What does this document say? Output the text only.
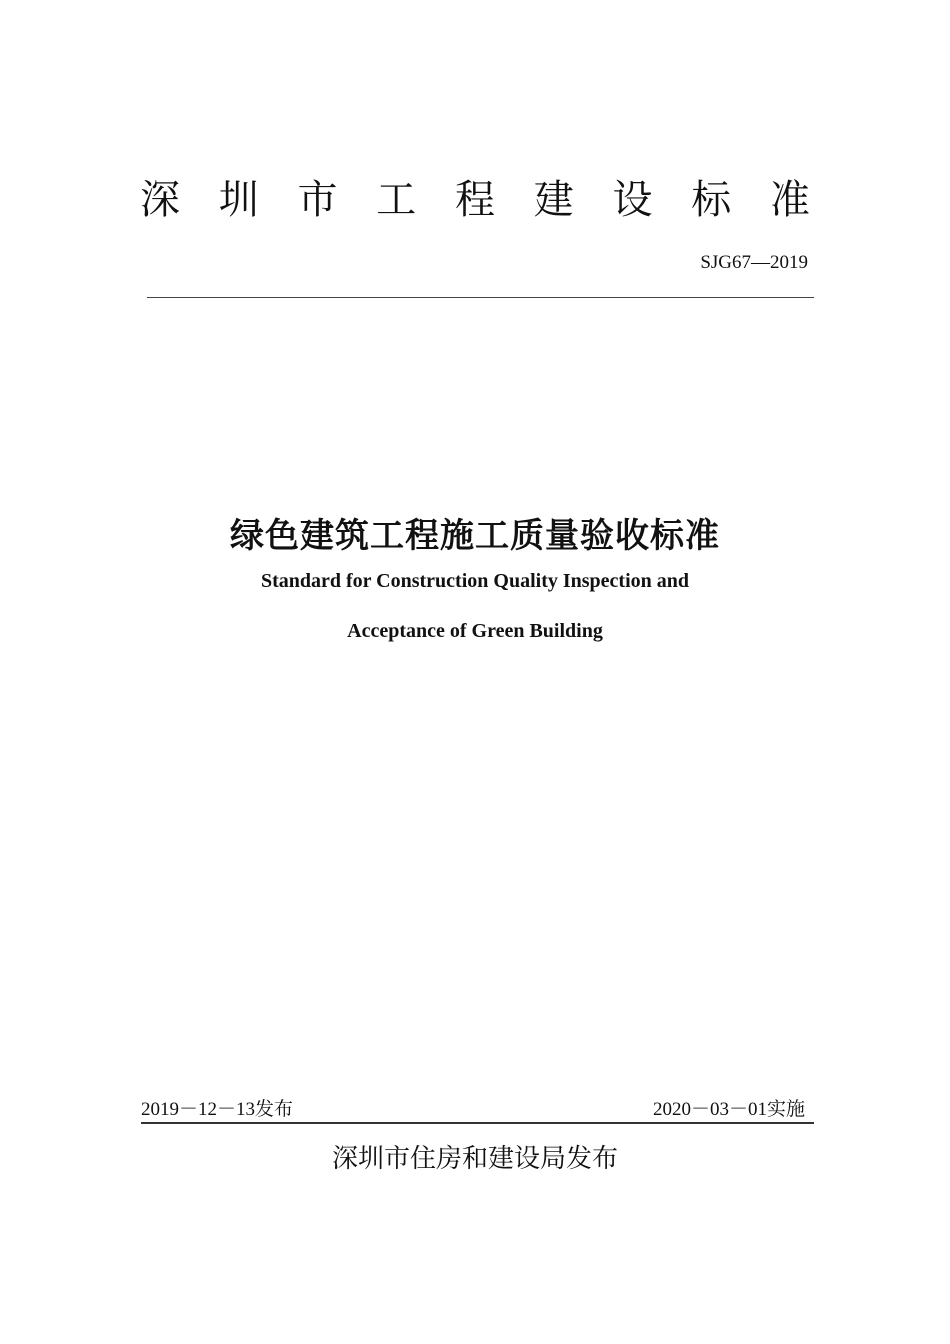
深 圳 市 工 程 建 设 标 准
SJG67—2019
绿色建筑工程施工质量验收标准
Standard for Construction Quality Inspection and
Acceptance of Green Building
2019－12－13发布	2020－03－01实施
深圳市住房和建设局发布
